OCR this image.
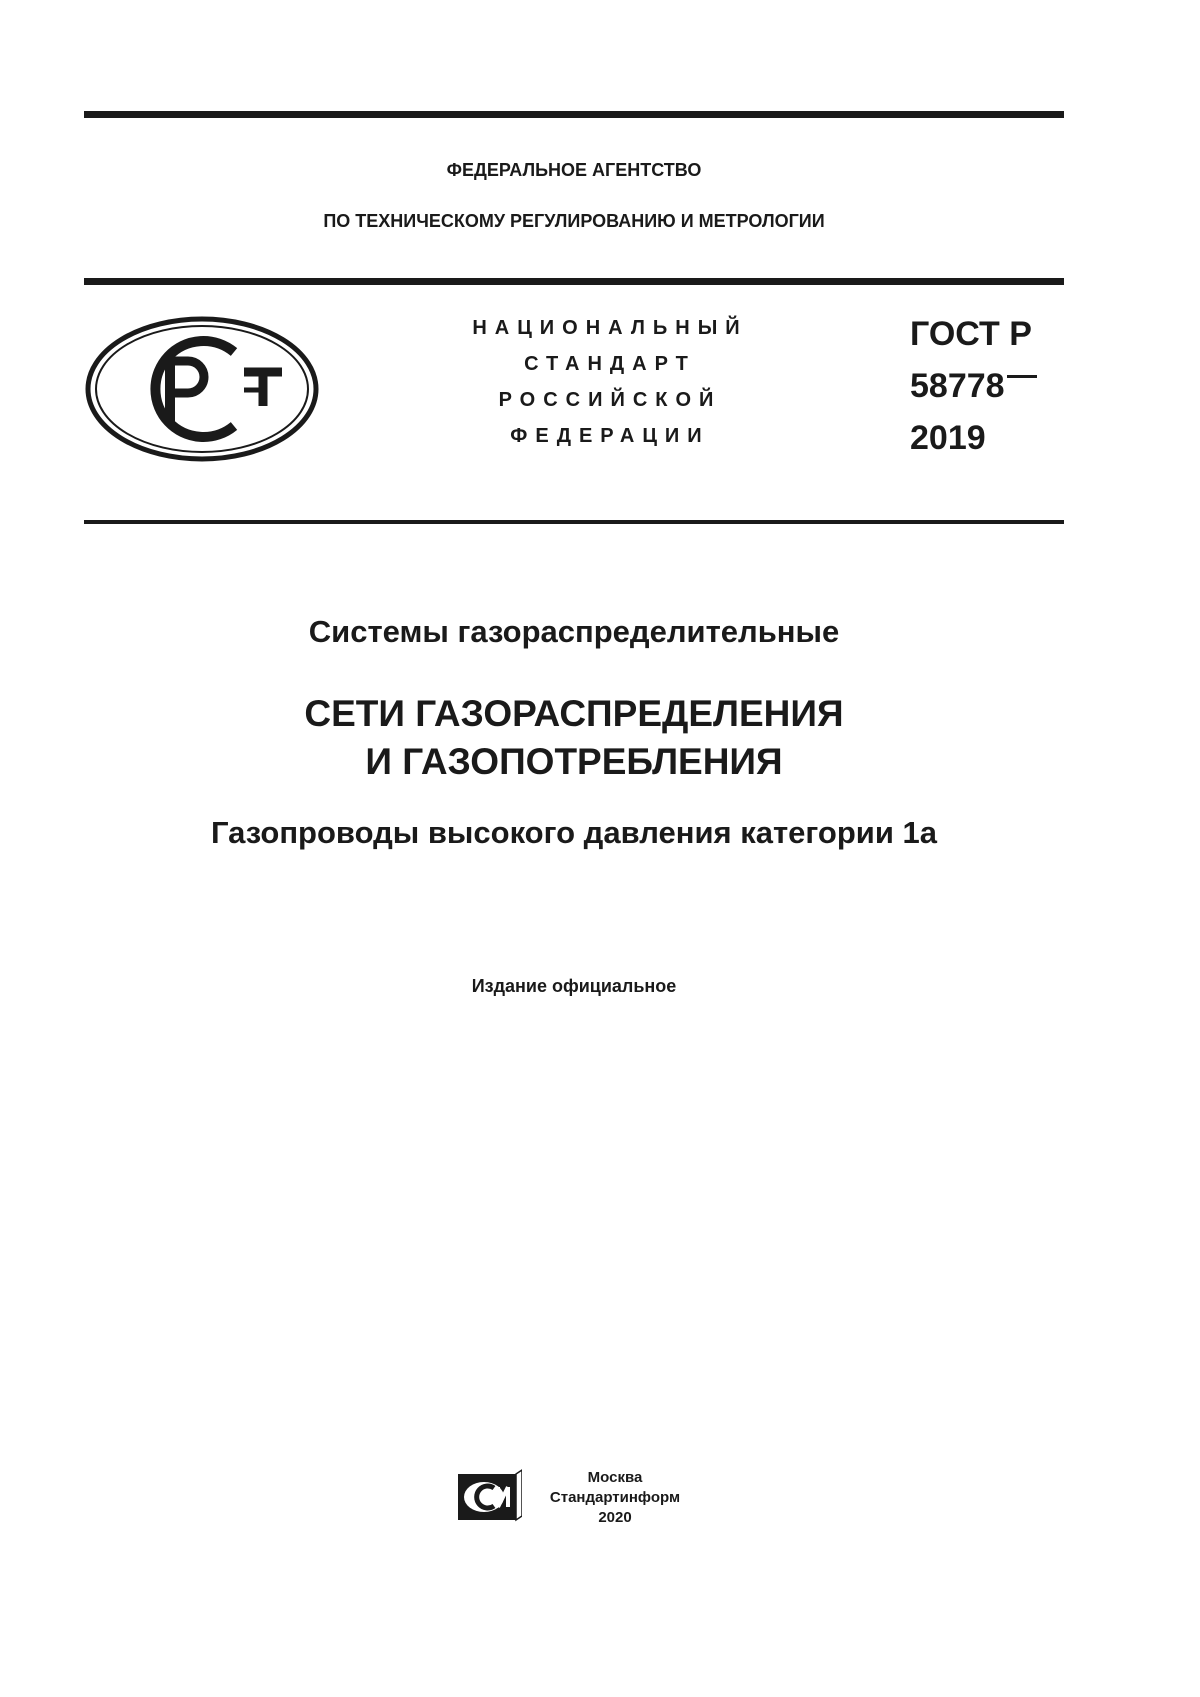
ФЕДЕРАЛЬНОЕ АГЕНТСТВО
ПО ТЕХНИЧЕСКОМУ РЕГУЛИРОВАНИЮ И МЕТРОЛОГИИ
НАЦИОНАЛЬНЫЙ
СТАНДАРТ
РОССИЙСКОЙ
ФЕДЕРАЦИИ
ГОСТ Р
58778
2019
Системы газораспределительные
СЕТИ ГАЗОРАСПРЕДЕЛЕНИЯ
И ГАЗОПОТРЕБЛЕНИЯ
Газопроводы высокого давления категории 1а
Издание официальное
Москва
Стандартинформ
2020
